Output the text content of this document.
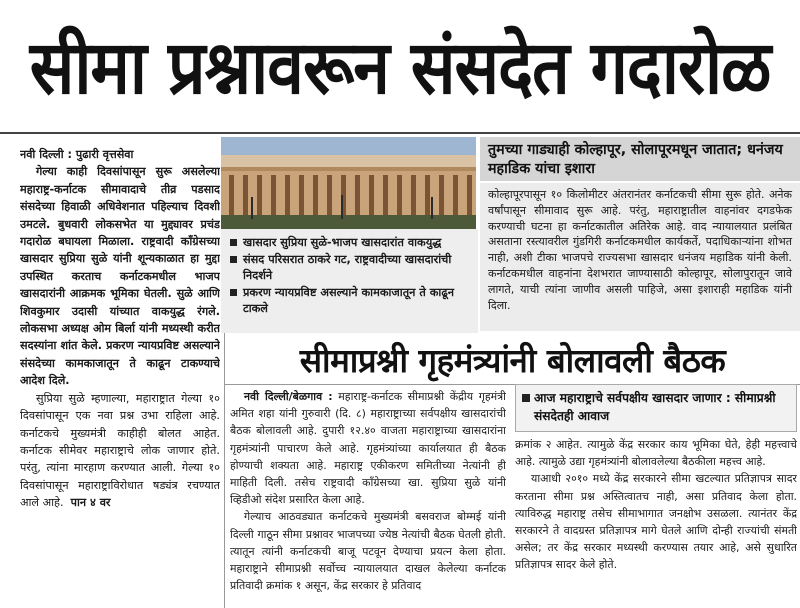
सीमा प्रश्नावरून संसदेत गदारोळ

नवी दिल्ली : पुढारी वृत्तसेवा

गेल्या काही दिवसांपासून सुरू असलेल्या महाराष्ट्र-कर्नाटक सीमावादाचे तीव्र पडसाद संसदेच्या हिवाळी अधिवेशनात पहिल्याच दिवशी उमटले. बुधवारी लोकसभेत या मुद्द्यावर प्रचंड गदारोळ बघायला मिळाला. राष्ट्रवादी काँग्रेसच्या खासदार सुप्रिया सुळे यांनी शून्यकाळात हा मुद्दा उपस्थित करताच कर्नाटकमधील भाजप खासदारांनी आक्रमक भूमिका घेतली. सुळे आणि शिवकुमार उदासी यांच्यात वाकयुद्ध रंगले. लोकसभा अध्यक्ष ओम बिर्ला यांनी मध्यस्थी करीत सदस्यांना शांत केले. प्रकरण न्यायप्रविष्ट असल्याने संसदेच्या कामकाजातून ते काढून टाकण्याचे आदेश दिले.

सुप्रिया सुळे म्हणाल्या, महाराष्ट्रात गेल्या १० दिवसांपासून एक नवा प्रश्न उभा राहिला आहे. कर्नाटकचे मुख्यमंत्री काहीही बोलत आहेत. कर्नाटक सीमेवर महाराष्ट्राचे लोक जाणार होते. परंतु, त्यांना मारहाण करण्यात आली. गेल्या १० दिवसांपासून महाराष्ट्राविरोधात षड्यंत्र रचण्यात आले आहे. पान ४ वर

खासदार सुप्रिया सुळे-भाजप खासदारांत वाकयुद्ध
संसद परिसरात ठाकरे गट, राष्ट्रवादीच्या खासदारांची निदर्शने
प्रकरण न्यायप्रविष्ट असल्याने कामकाजातून ते काढून टाकले
तुमच्या गाड्याही कोल्हापूर, सोलापूरमधून जातात; धनंजय महाडिक यांचा इशारा
कोल्हापूरपासून १० किलोमीटर अंतरानंतर कर्नाटकची सीमा सुरू होते. अनेक वर्षांपासून सीमावाद सुरू आहे. परंतु, महाराष्ट्रातील वाहनांवर दगडफेक करण्याची घटना हा कर्नाटकातील अतिरेक आहे. वाद न्यायालयात प्रलंबित असताना रस्त्यावरील गुंडगिरी कर्नाटकमधील कार्यकर्ते, पदाधिकाऱ्यांना शोभत नाही, अशी टीका भाजपचे राज्यसभा खासदार धनंजय महाडिक यांनी केली. कर्नाटकमधील वाहनांना देशभरात जाण्यासाठी कोल्हापूर, सोलापुरातून जावे लागते, याची त्यांना जाणीव असली पाहिजे, असा इशाराही महाडिक यांनी दिला.
सीमाप्रश्नी गृहमंत्र्यांनी बोलावली बैठक

नवी दिल्ली/बेळगाव : महाराष्ट्र-कर्नाटक सीमाप्रश्नी केंद्रीय गृहमंत्री अमित शहा यांनी गुरुवारी (दि. ८) महाराष्ट्राच्या सर्वपक्षीय खासदारांची बैठक बोलावली आहे. दुपारी १२.४० वाजता महाराष्ट्राच्या खासदारांना गृहमंत्र्यांनी पाचारण केले आहे. गृहमंत्र्यांच्या कार्यालयात ही बैठक होण्याची शक्यता आहे. महाराष्ट्र एकीकरण समितीच्या नेत्यांनी ही माहिती दिली. तसेच राष्ट्रवादी काँग्रेसच्या खा. सुप्रिया सुळे यांनी व्हिडीओ संदेश प्रसारित केला आहे.

गेल्याच आठवड्यात कर्नाटकचे मुख्यमंत्री बसवराज बोम्मई यांनी दिल्ली गाठून सीमा प्रश्नावर भाजपच्या ज्येष्ठ नेत्यांची बैठक घेतली होती. त्यातून त्यांनी कर्नाटकची बाजू पटवून देण्याचा प्रयत्न केला होता. महाराष्ट्राने सीमाप्रश्नी सर्वोच्च न्यायालयात दाखल केलेल्या कर्नाटक प्रतिवादी क्रमांक १ असून, केंद्र सरकार हे प्रतिवाद

आज महाराष्ट्राचे सर्वपक्षीय खासदार जाणार : सीमाप्रश्नी संसदेतही आवाज

क्रमांक २ आहेत. त्यामुळे केंद्र सरकार काय भूमिका घेते, हेही महत्त्वाचे आहे. त्यामुळे उद्या गृहमंत्र्यांनी बोलावलेल्या बैठकीला महत्त्व आहे.

याआधी २०१० मध्ये केंद्र सरकारने सीमा खटल्यात प्रतिज्ञापत्र सादर करताना सीमा प्रश्न अस्तित्वातच नाही, असा प्रतिवाद केला होता. त्याविरुद्ध महाराष्ट्र तसेच सीमाभागात जनक्षोभ उसळला. त्यानंतर केंद्र सरकारने ते वादग्रस्त प्रतिज्ञापत्र मागे घेतले आणि दोन्ही राज्यांची संमती असेल; तर केंद्र सरकार मध्यस्थी करण्यास तयार आहे, असे सुधारित प्रतिज्ञापत्र सादर केले होते.
